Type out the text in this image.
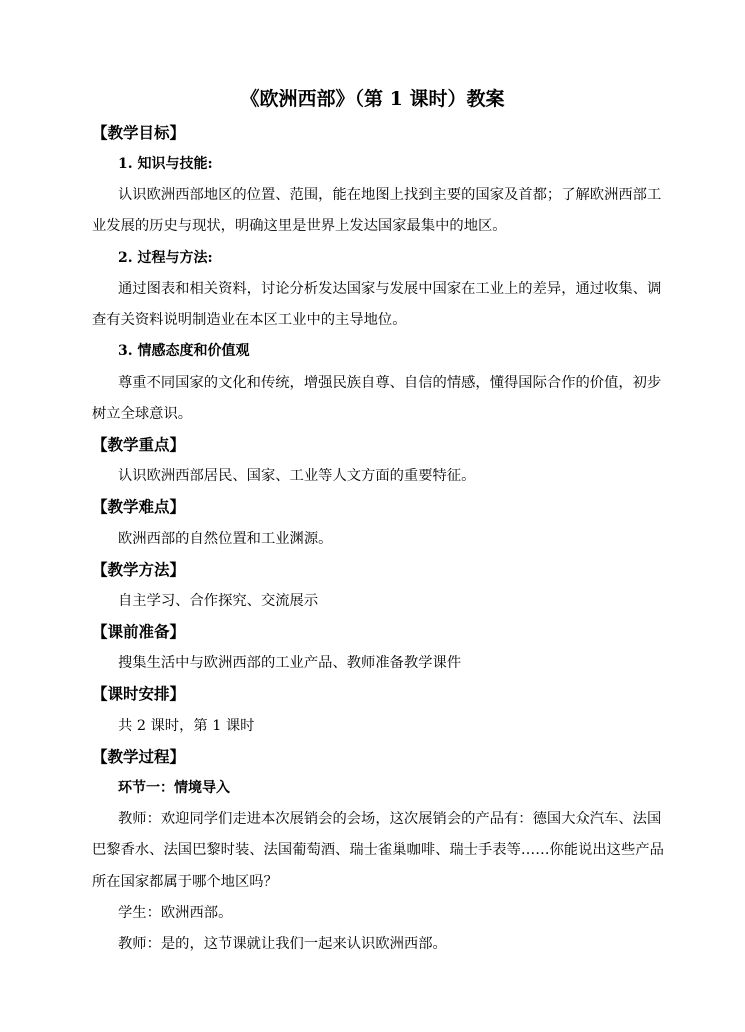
《欧洲西部》（第 1 课时）教案
【教学目标】
1. 知识与技能:
认识欧洲西部地区的位置、范围，能在地图上找到主要的国家及首都；了解欧洲西部工
业发展的历史与现状，明确这里是世界上发达国家最集中的地区。
2. 过程与方法:
通过图表和相关资料，讨论分析发达国家与发展中国家在工业上的差异，通过收集、调
查有关资料说明制造业在本区工业中的主导地位。
3. 情感态度和价值观
尊重不同国家的文化和传统，增强民族自尊、自信的情感，懂得国际合作的价值，初步
树立全球意识。
【教学重点】
认识欧洲西部居民、国家、工业等人文方面的重要特征。
【教学难点】
欧洲西部的自然位置和工业渊源。
【教学方法】
自主学习、合作探究、交流展示
【课前准备】
搜集生活中与欧洲西部的工业产品、教师准备教学课件
【课时安排】
共 2 课时，第 1 课时
【教学过程】
环节一：情境导入
教师：欢迎同学们走进本次展销会的会场，这次展销会的产品有：德国大众汽车、法国
巴黎香水、法国巴黎时装、法国葡萄酒、瑞士雀巢咖啡、瑞士手表等……你能说出这些产品
所在国家都属于哪个地区吗？
学生：欧洲西部。
教师：是的，这节课就让我们一起来认识欧洲西部。
